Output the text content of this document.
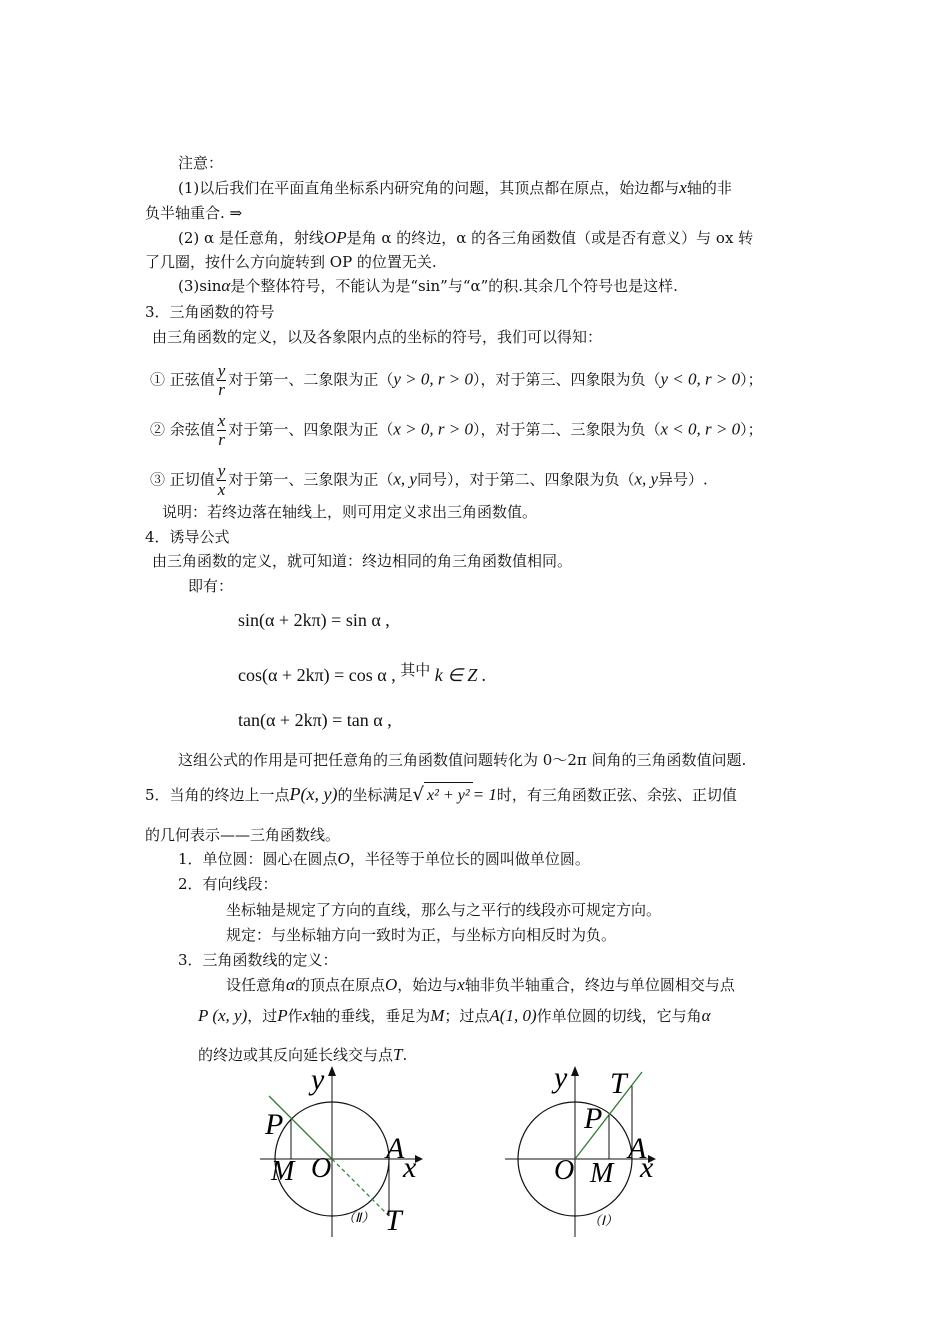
注意：
(1)以后我们在平面直角坐标系内研究角的问题，其顶点都在原点，始边都与x轴的非
负半轴重合. ⇒
(2) α 是任意角，射线OP是角 α 的终边，α 的各三角函数值（或是否有意义）与 ox 转
了几圈，按什么方向旋转到 OP 的位置无关.
(3)sinα是个整体符号，不能认为是“sin”与“α”的积.其余几个符号也是这样.
3．三角函数的符号
由三角函数的定义，以及各象限内点的坐标的符号，我们可以得知：
① 正弦值 $\frac{y}{r}$ 对于第一、二象限为正（y > 0, r > 0），对于第三、四象限为负（y < 0, r > 0）；
② 余弦值 $\frac{x}{r}$ 对于第一、四象限为正（x > 0, r > 0），对于第二、三象限为负（x < 0, r > 0）；
③ 正切值 $\frac{y}{x}$ 对于第一、三象限为正（x, y同号），对于第二、四象限为负（x, y异号）.
说明：若终边落在轴线上，则可用定义求出三角函数值。
4．诱导公式
由三角函数的定义，就可知道：终边相同的角三角函数值相同。
即有：
sin(α + 2kπ) = sin α ,
cos(α + 2kπ) = cos α , $^{其中}$ k ∈ Z .
tan(α + 2kπ) = tan α ,
这组公式的作用是可把任意角的三角函数值问题转化为 0～2π 间角的三角函数值问题.
5．当角的终边上一点P(x, y)的坐标满足√ x² + y² = 1时，有三角函数正弦、余弦、正切值
的几何表示——三角函数线。
1．单位圆：圆心在圆点O，半径等于单位长的圆叫做单位圆。
2．有向线段：
坐标轴是规定了方向的直线，那么与之平行的线段亦可规定方向。
规定：与坐标轴方向一致时为正，与坐标方向相反时为负。
3．三角函数线的定义：
设任意角α的顶点在原点O，始边与x轴非负半轴重合，终边与单位圆相交与点
P (x, y)，过P作x轴的垂线，垂足为M；过点A(1, 0)作单位圆的切线，它与角α
的终边或其反向延长线交与点T.
y
x
O
P
M
A
T
（Ⅱ）
y
x
O
P
M
A
T
（Ⅰ）
